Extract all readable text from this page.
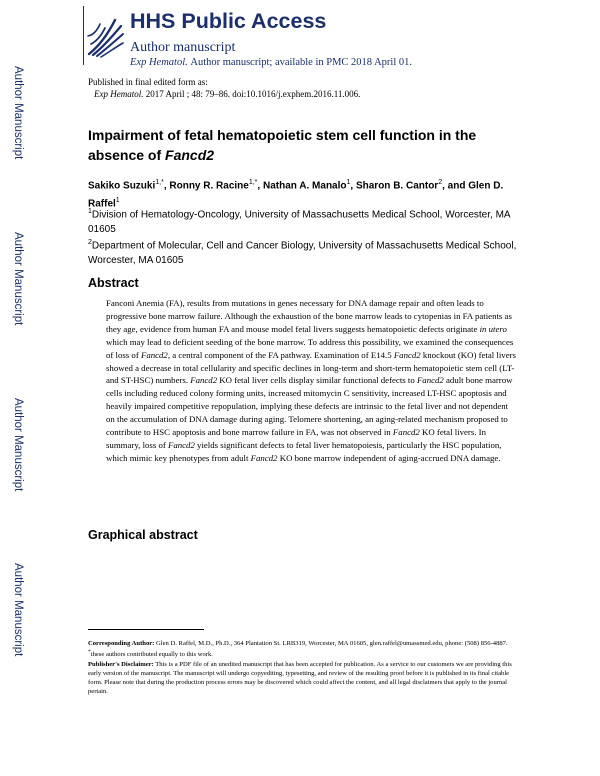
Author Manuscript
Author Manuscript
Author Manuscript
Author Manuscript
HHS Public Access
Author manuscript
Exp Hematol. Author manuscript; available in PMC 2018 April 01.
Published in final edited form as:
Exp Hematol. 2017 April ; 48: 79–86. doi:10.1016/j.exphem.2016.11.006.
Impairment of fetal hematopoietic stem cell function in the absence of Fancd2
Sakiko Suzuki$^{1,*}$, Ronny R. Racine$^{1,*}$, Nathan A. Manalo$^1$, Sharon B. Cantor$^2$, and Glen D. Raffel$^1$
$^1$Division of Hematology-Oncology, University of Massachusetts Medical School, Worcester, MA 01605
$^2$Department of Molecular, Cell and Cancer Biology, University of Massachusetts Medical School, Worcester, MA 01605
Abstract
Fanconi Anemia (FA), results from mutations in genes necessary for DNA damage repair and often leads to progressive bone marrow failure. Although the exhaustion of the bone marrow leads to cytopenias in FA patients as they age, evidence from human FA and mouse model fetal livers suggests hematopoietic defects originate in utero which may lead to deficient seeding of the bone marrow. To address this possibility, we examined the consequences of loss of Fancd2, a central component of the FA pathway. Examination of E14.5 Fancd2 knockout (KO) fetal livers showed a decrease in total cellularity and specific declines in long-term and short-term hematopoietic stem cell (LT- and ST-HSC) numbers. Fancd2 KO fetal liver cells display similar functional defects to Fancd2 adult bone marrow cells including reduced colony forming units, increased mitomycin C sensitivity, increased LT-HSC apoptosis and heavily impaired competitive repopulation, implying these defects are intrinsic to the fetal liver and not dependent on the accumulation of DNA damage during aging. Telomere shortening, an aging-related mechanism proposed to contribute to HSC apoptosis and bone marrow failure in FA, was not observed in Fancd2 KO fetal livers. In summary, loss of Fancd2 yields significant defects to fetal liver hematopoiesis, particularly the HSC population, which mimic key phenotypes from adult Fancd2 KO bone marrow independent of aging-accrued DNA damage.
Graphical abstract

Corresponding Author: Glen D. Raffel, M.D., Ph.D., 364 Plantation St. LRB319, Worcester, MA 01605, glen.raffel@umassmed.edu, phone: (508) 856-4887.

*these authors contributed equally to this work.

Publisher's Disclaimer: This is a PDF file of an unedited manuscript that has been accepted for publication. As a service to our customers we are providing this early version of the manuscript. The manuscript will undergo copyediting, typesetting, and review of the resulting proof before it is published in its final citable form. Please note that during the production process errors may be discovered which could affect the content, and all legal disclaimers that apply to the journal pertain.
